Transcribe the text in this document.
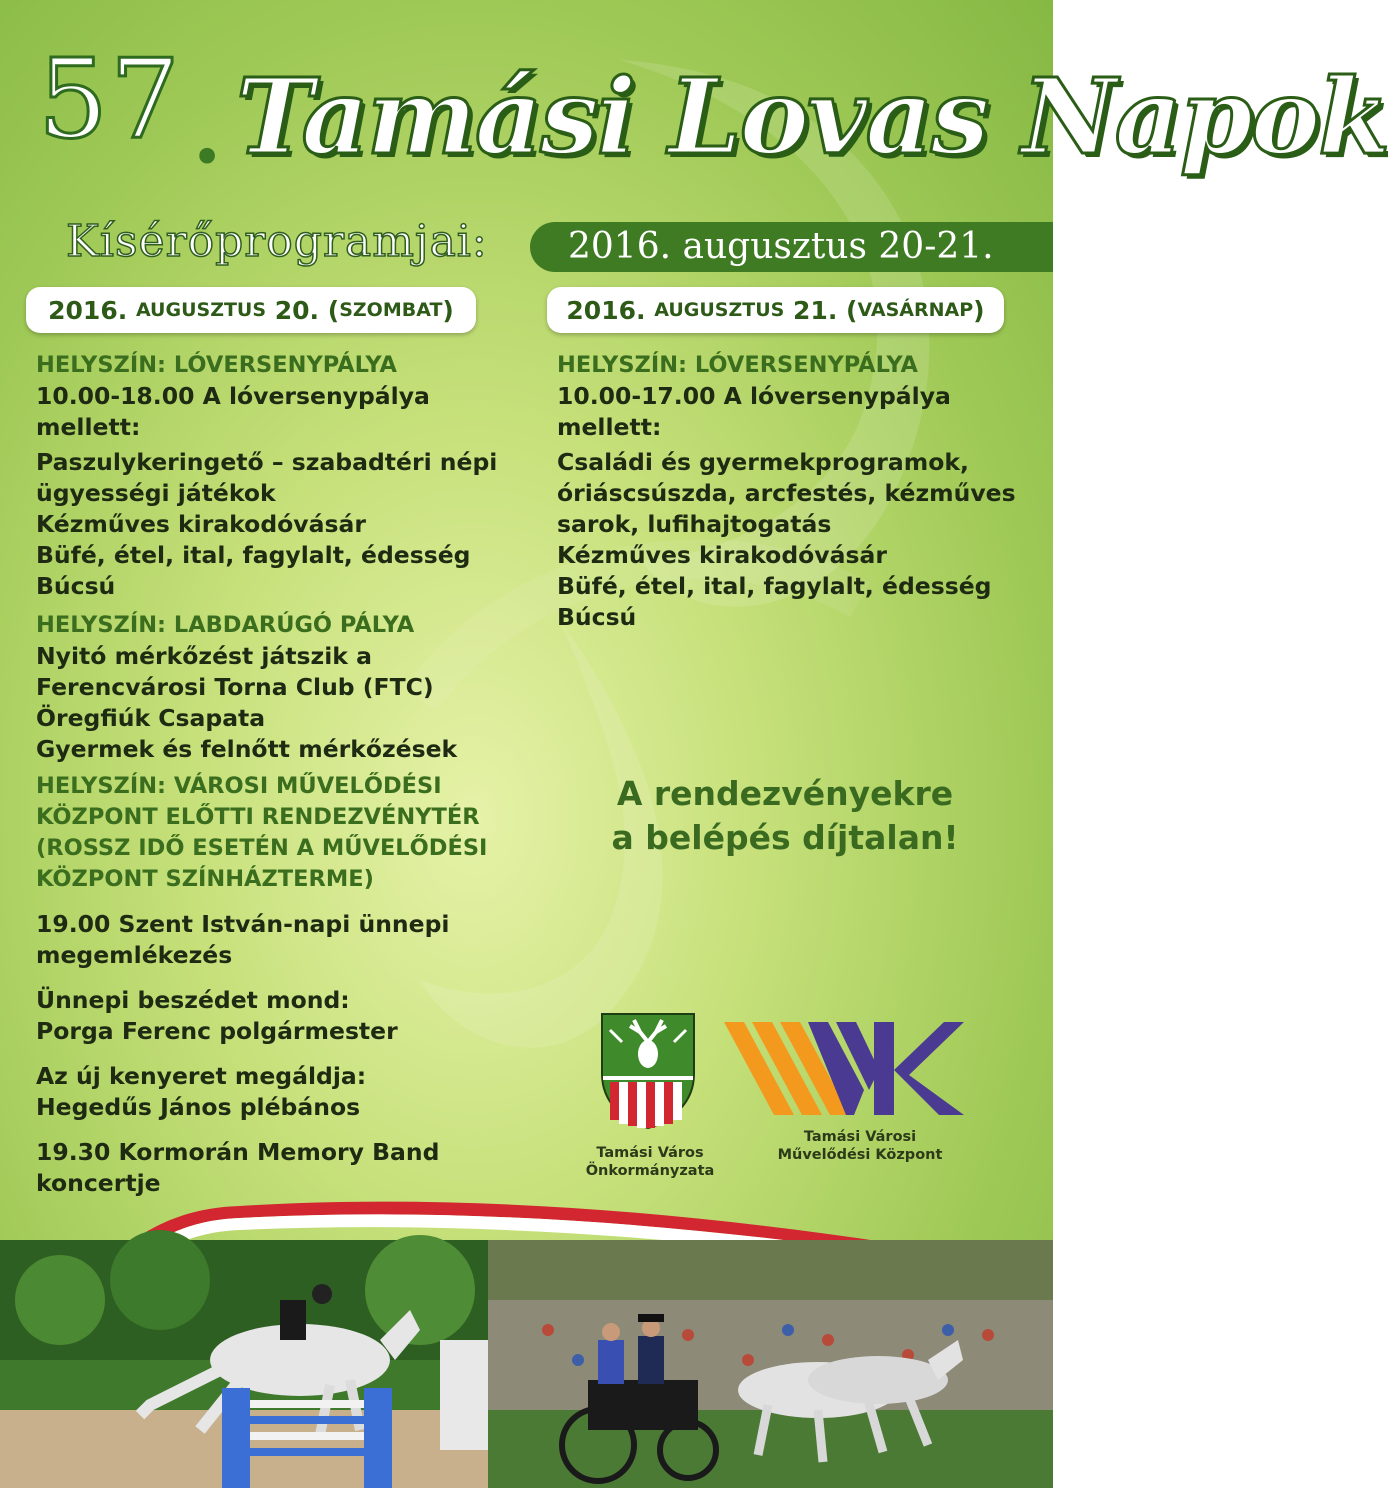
57 . Tamási Lovas Napok
Kísérőprogramjai: 2016. augusztus 20-21.
2016.
AUGUSZTUS
20.
( SZOMBAT )	2016.
AUGUSZTUS
21.
( VASÁRNAP )
HELYSZÍN: LÓVERSENYPÁLYA
10.00-18.00 A lóversenypálya
mellett:
Paszulykeringető – szabadtéri népi
ügyességi játékok
Kézműves kirakodóvásár
Büfé, étel, ital, fagylalt, édesség
Búcsú
HELYSZÍN: LABDARÚGÓ PÁLYA
Nyitó mérkőzést játszik a
Ferencvárosi Torna Club (FTC)
Öregfiúk Csapata
Gyermek és felnőtt mérkőzések
HELYSZÍN: VÁROSI MŰVELŐDÉSI
KÖZPONT ELŐTTI RENDEZVÉNYTÉR
(ROSSZ IDŐ ESETÉN A MŰVELŐDÉSI
KÖZPONT SZÍNHÁZTERME)
19.00 Szent István-napi ünnepi
megemlékezés
Ünnepi beszédet mond:
Porga Ferenc polgármester
Az új kenyeret megáldja:
Hegedűs János plébános
19.30 Kormorán Memory Band
koncertje
HELYSZÍN: LÓVERSENYPÁLYA
10.00-17.00 A lóversenypálya
mellett:
Családi és gyermekprogramok,
óriáscsúszda, arcfestés, kézműves
sarok, lufihajtogatás
Kézműves kirakodóvásár
Büfé, étel, ital, fagylalt, édesség
Búcsú
A rendezvényekre
a belépés díjtalan!
Tamási Város
Önkormányzata
Tamási Városi
Művelődési Központ
